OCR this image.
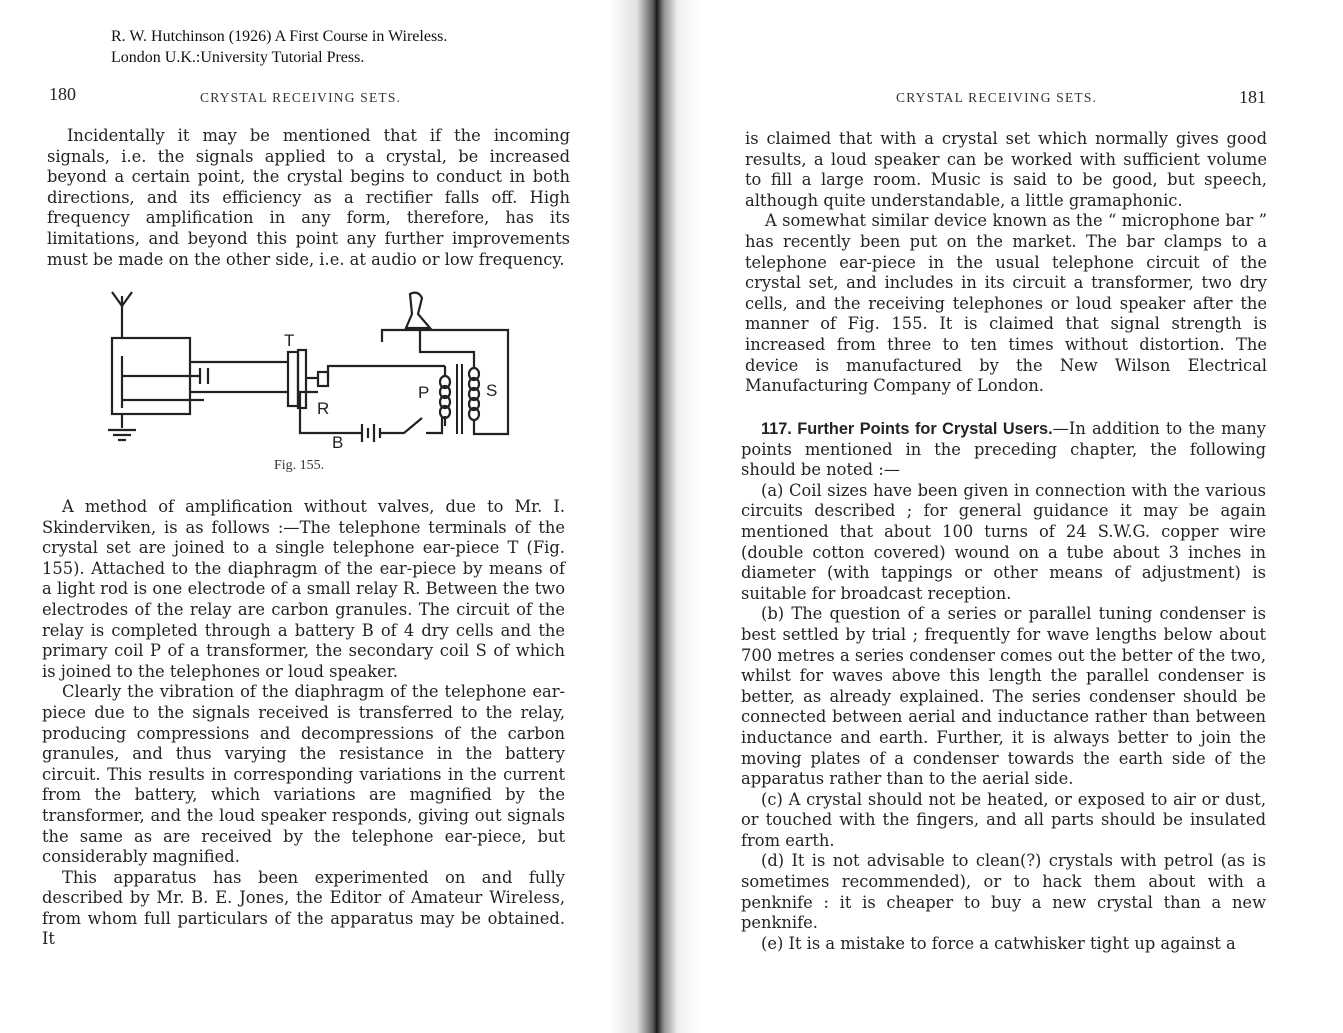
R. W. Hutchinson (1926) A First Course in Wireless.
London U.K.:University Tutorial Press.
180	CRYSTAL RECEIVING SETS.

Incidentally it may be mentioned that if the incoming signals, i.e. the signals applied to a crystal, be increased beyond a certain point, the crystal begins to conduct in both directions, and its efficiency as a rectifier falls off. High frequency amplification in any form, therefore, has its limitations, and beyond this point any further improvements must be made on the other side, i.e. at audio or low frequency.

T
R
P	S
B
Fig. 155.

A method of amplification without valves, due to Mr. I. Skinderviken, is as follows :—The telephone terminals of the crystal set are joined to a single telephone ear-piece T (Fig. 155). Attached to the diaphragm of the ear-piece by means of a light rod is one electrode of a small relay R. Between the two electrodes of the relay are carbon granules. The circuit of the relay is completed through a battery B of 4 dry cells and the primary coil P of a transformer, the secondary coil S of which is joined to the telephones or loud speaker.

Clearly the vibration of the diaphragm of the telephone ear-piece due to the signals received is transferred to the relay, producing compressions and decompressions of the carbon granules, and thus varying the resistance in the battery circuit. This results in corresponding variations in the current from the battery, which variations are magnified by the transformer, and the loud speaker responds, giving out signals the same as are received by the telephone ear-piece, but considerably magnified.

This apparatus has been experimented on and fully described by Mr. B. E. Jones, the Editor of Amateur Wireless, from whom full particulars of the apparatus may be obtained. It

CRYSTAL RECEIVING SETS.	181

is claimed that with a crystal set which normally gives good results, a loud speaker can be worked with sufficient volume to fill a large room. Music is said to be good, but speech, although quite understandable, a little gramaphonic.

A somewhat similar device known as the “ microphone bar ” has recently been put on the market. The bar clamps to a telephone ear-piece in the usual telephone circuit of the crystal set, and includes in its circuit a transformer, two dry cells, and the receiving telephones or loud speaker after the manner of Fig. 155. It is claimed that signal strength is increased from three to ten times without distortion. The device is manufactured by the New Wilson Electrical Manufacturing Company of London.

117. Further Points for Crystal Users.—In addition to the many points mentioned in the preceding chapter, the following should be noted :—

(a) Coil sizes have been given in connection with the various circuits described ; for general guidance it may be again mentioned that about 100 turns of 24 S.W.G. copper wire (double cotton covered) wound on a tube about 3 inches in diameter (with tappings or other means of adjustment) is suitable for broadcast reception.

(b) The question of a series or parallel tuning condenser is best settled by trial ; frequently for wave lengths below about 700 metres a series condenser comes out the better of the two, whilst for waves above this length the parallel condenser is better, as already explained. The series condenser should be connected between aerial and inductance rather than between inductance and earth. Further, it is always better to join the moving plates of a condenser towards the earth side of the apparatus rather than to the aerial side.

(c) A crystal should not be heated, or exposed to air or dust, or touched with the fingers, and all parts should be insulated from earth.

(d) It is not advisable to clean(?) crystals with petrol (as is sometimes recommended), or to hack them about with a penknife : it is cheaper to buy a new crystal than a new penknife.

(e) It is a mistake to force a catwhisker tight up against a
